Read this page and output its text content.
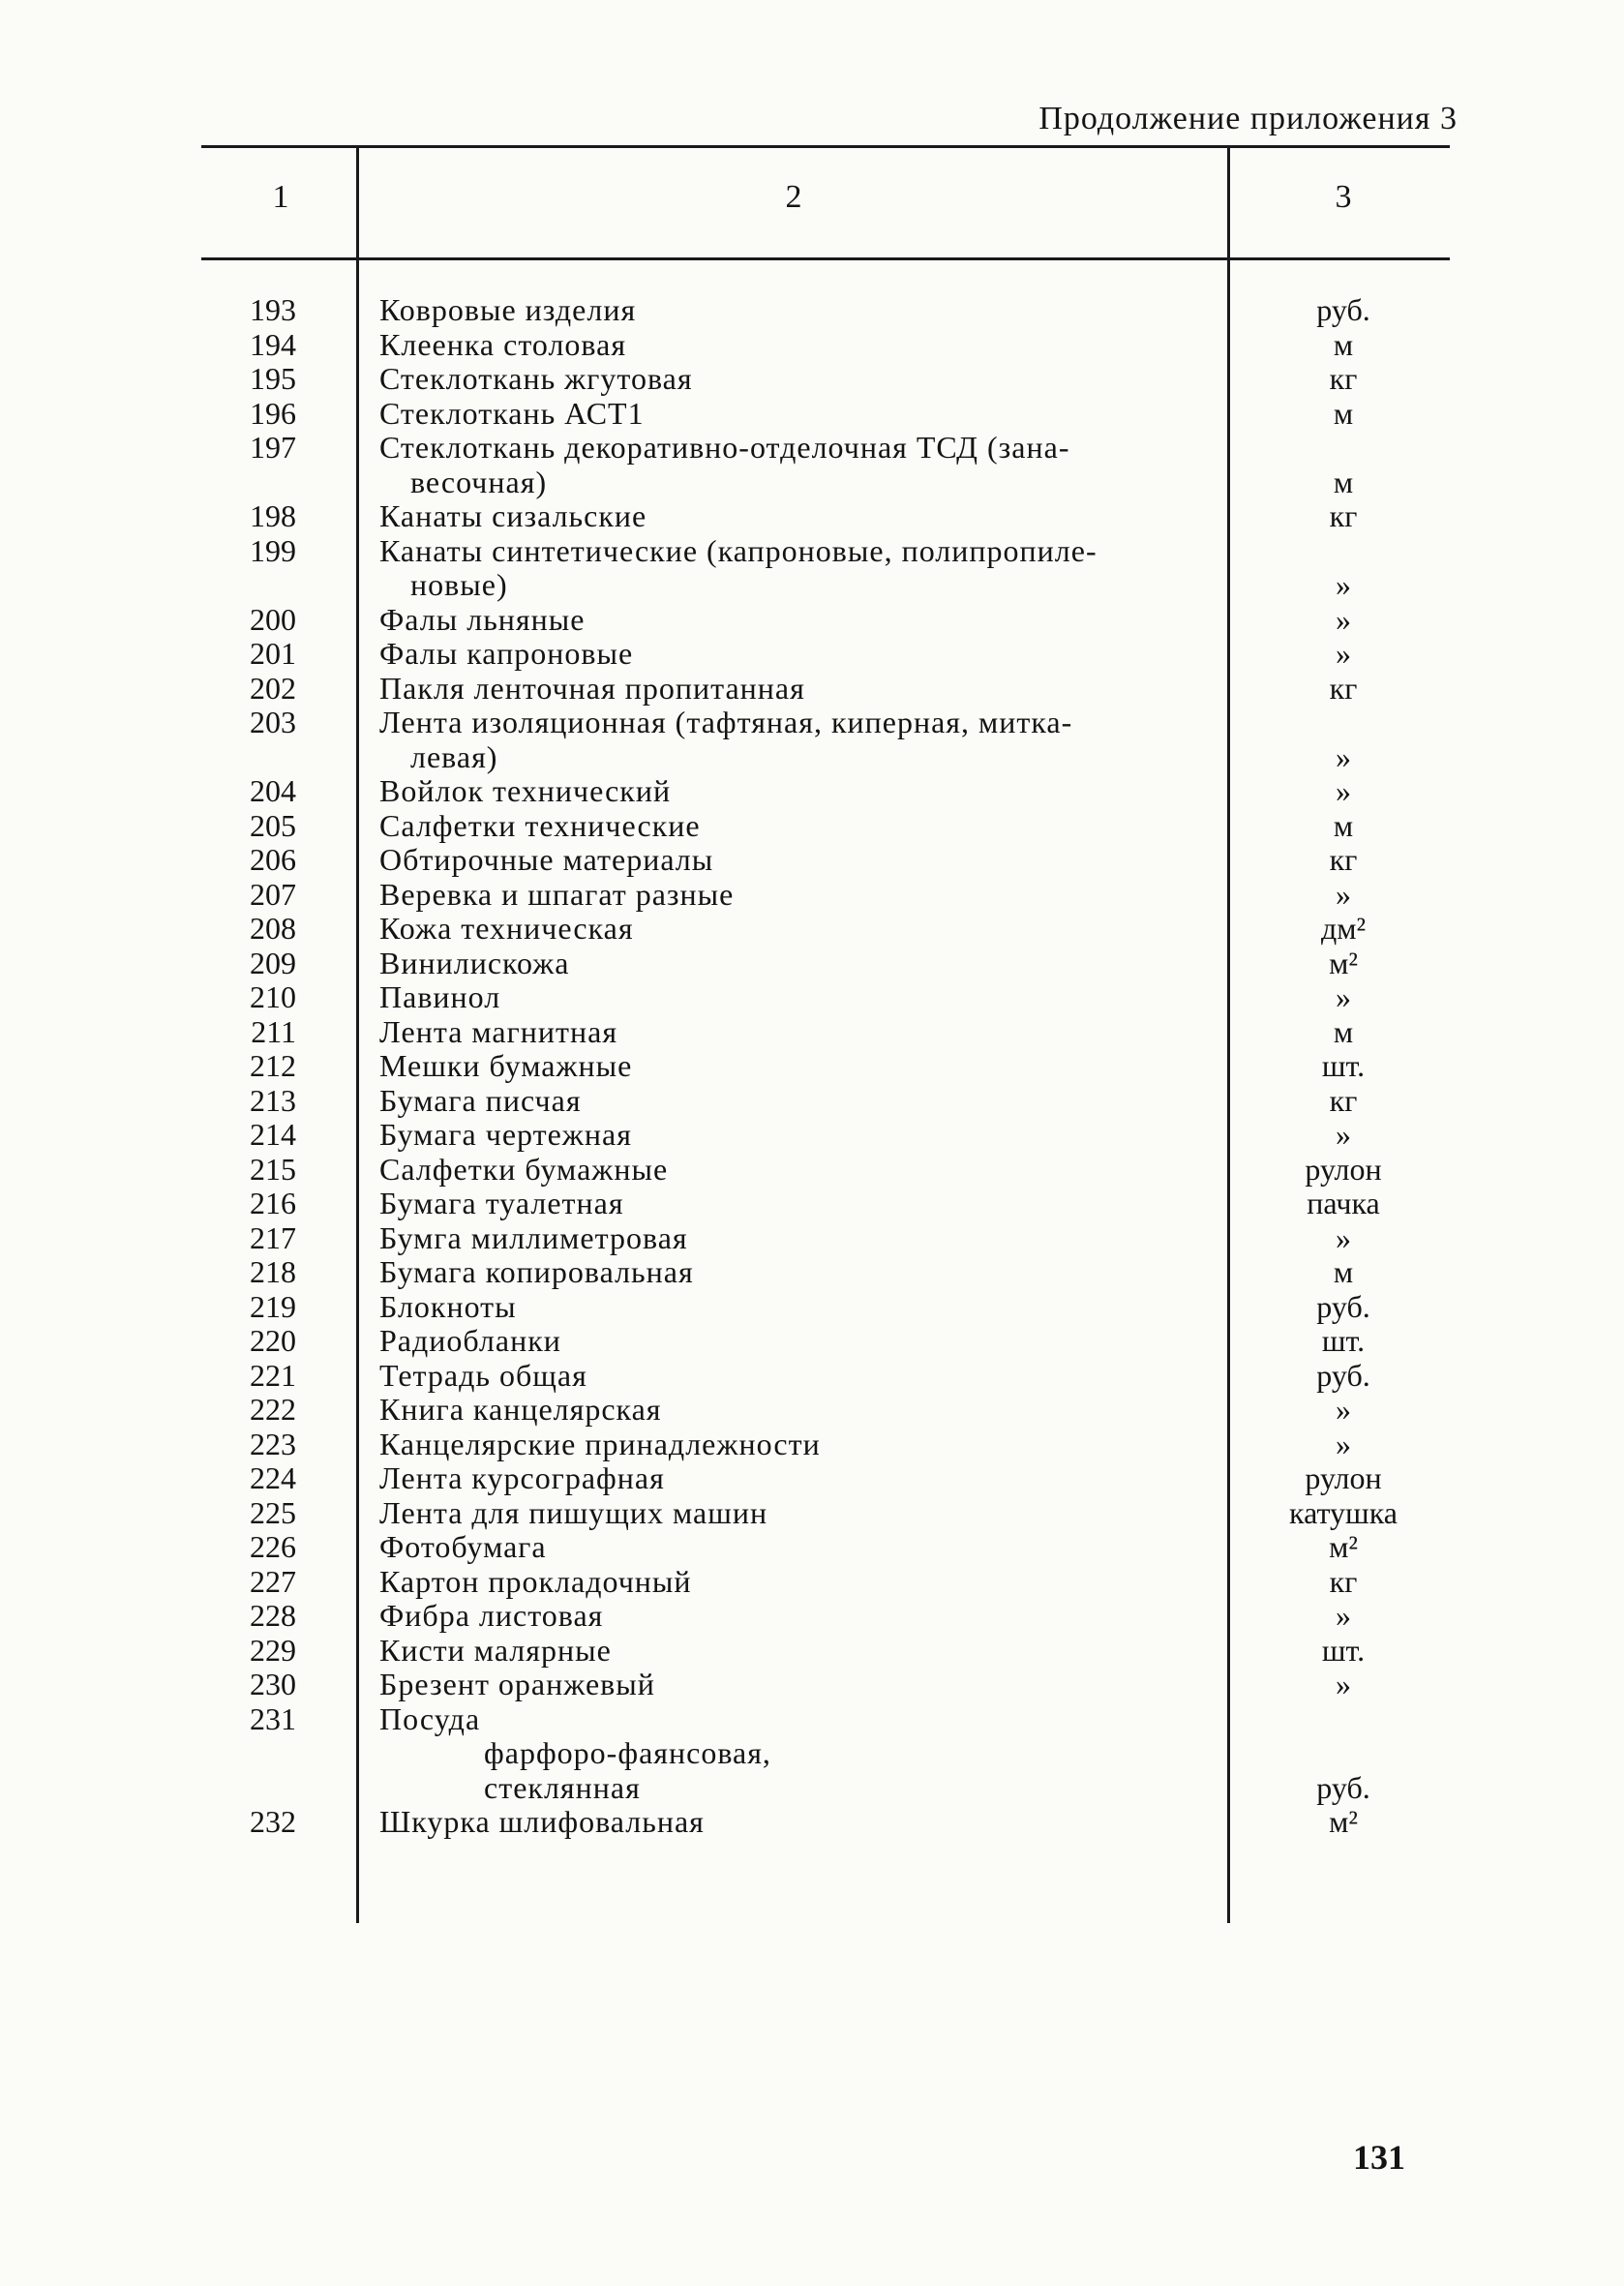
Продолжение приложения 3
1	2	3
193	Ковровые изделия	руб.
194	Клеенка столовая	м
195	Стеклоткань жгутовая	кг
196	Стеклоткань АСТ1	м
197	Стеклоткань декоративно-отделочная ТСД (зана-
весочная)	м
198	Канаты сизальские	кг
199	Канаты синтетические (капроновые, полипропиле-
новые)	»
200	Фалы льняные	»
201	Фалы капроновые	»
202	Пакля ленточная пропитанная	кг
203	Лента изоляционная (тафтяная, киперная, митка-
левая)	»
204	Войлок технический	»
205	Салфетки технические	м
206	Обтирочные материалы	кг
207	Веревка и шпагат разные	»
208	Кожа техническая	дм²
209	Винилискожа	м²
210	Павинол	»
211	Лента магнитная	м
212	Мешки бумажные	шт.
213	Бумага писчая	кг
214	Бумага чертежная	»
215	Салфетки бумажные	рулон
216	Бумага туалетная	пачка
217	Бумга миллиметровая	»
218	Бумага копировальная	м
219	Блокноты	руб.
220	Радиобланки	шт.
221	Тетрадь общая	руб.
222	Книга канцелярская	»
223	Канцелярские принадлежности	»
224	Лента курсографная	рулон
225	Лента для пишущих машин	катушка
226	Фотобумага	м²
227	Картон прокладочный	кг
228	Фибра листовая	»
229	Кисти малярные	шт.
230	Брезент оранжевый	»
231	Посуда
фарфоро-фаянсовая,
стеклянная	руб.
232	Шкурка шлифовальная	м²
131
